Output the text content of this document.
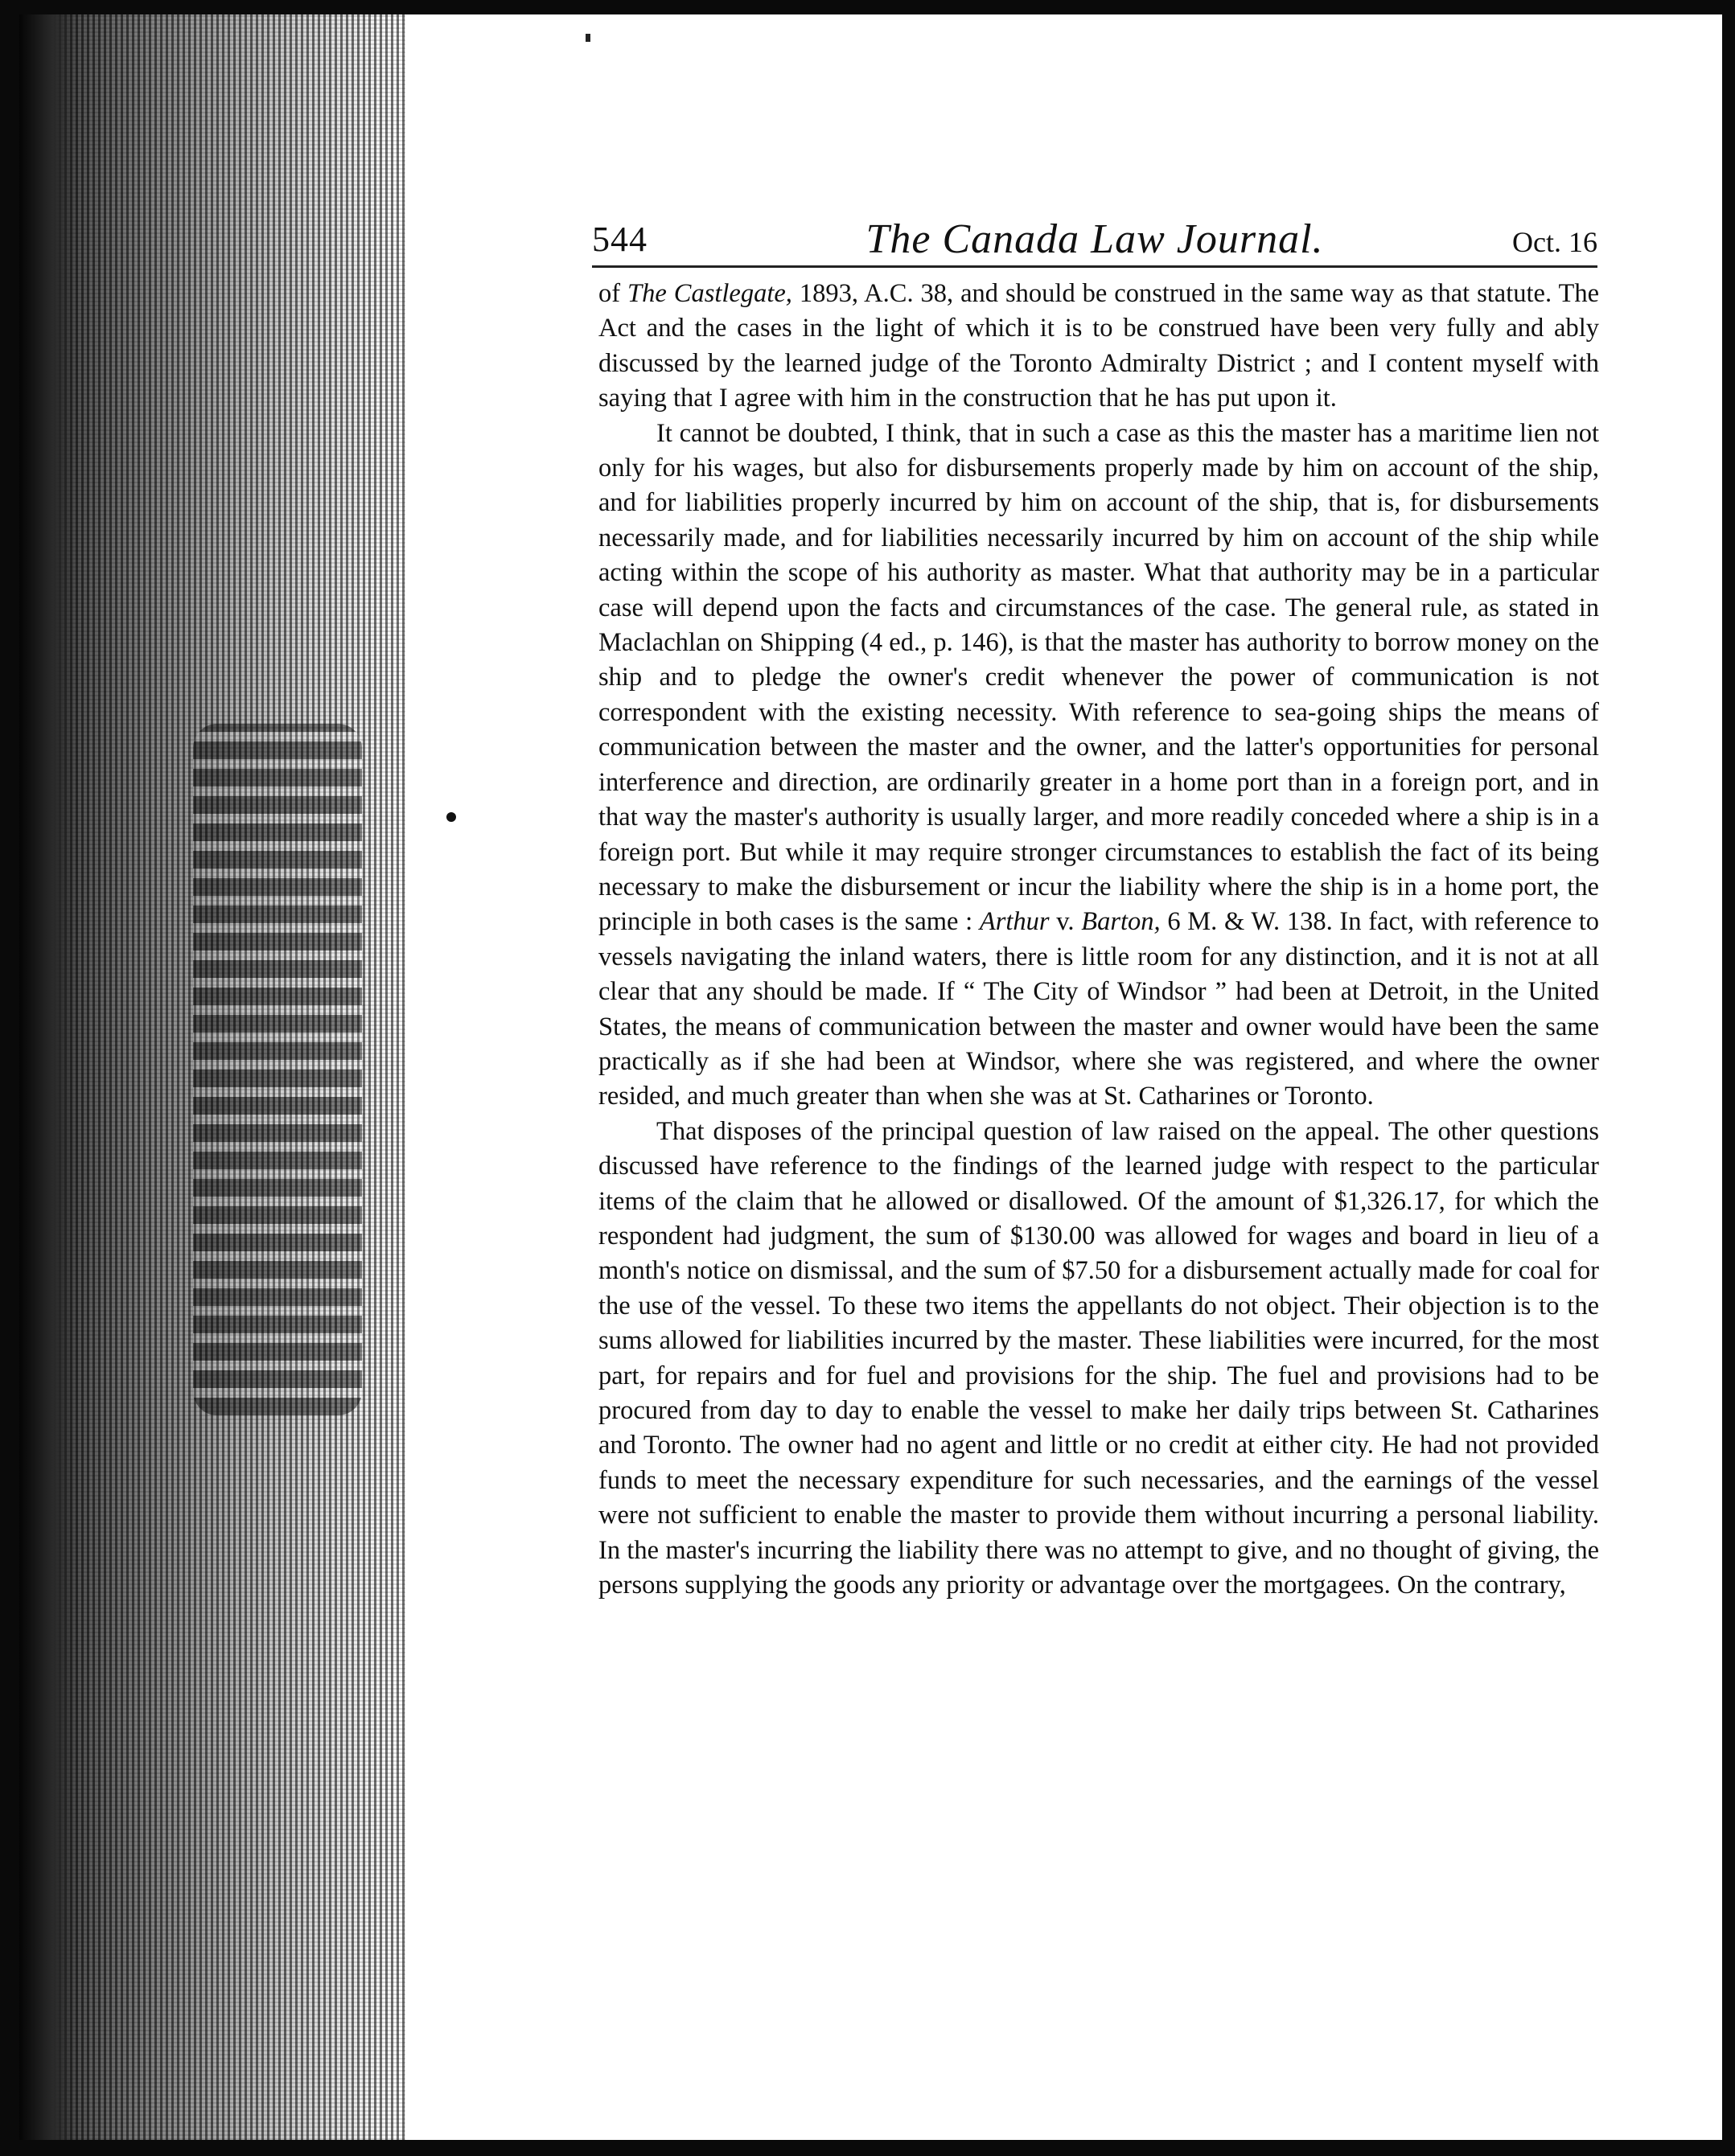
544	The Canada Law Journal.	Oct. 16

of The Castlegate, 1893, A.C. 38, and should be construed in the same way as that statute. The Act and the cases in the light of which it is to be construed have been very fully and ably discussed by the learned judge of the Toronto Admiralty District ; and I content myself with saying that I agree with him in the construction that he has put upon it.

It cannot be doubted, I think, that in such a case as this the master has a maritime lien not only for his wages, but also for disbursements properly made by him on account of the ship, and for liabilities properly incurred by him on account of the ship, that is, for disbursements necessarily made, and for liabilities necessarily incurred by him on account of the ship while acting within the scope of his authority as master. What that authority may be in a particular case will depend upon the facts and circumstances of the case. The general rule, as stated in Maclachlan on Shipping (4 ed., p. 146), is that the master has authority to borrow money on the ship and to pledge the owner's credit whenever the power of communication is not correspondent with the existing necessity. With reference to sea-going ships the means of communication between the master and the owner, and the latter's opportunities for personal interference and direction, are ordinarily greater in a home port than in a foreign port, and in that way the master's authority is usually larger, and more readily conceded where a ship is in a foreign port. But while it may require stronger circumstances to establish the fact of its being necessary to make the disbursement or incur the liability where the ship is in a home port, the principle in both cases is the same : Arthur v. Barton, 6 M. & W. 138. In fact, with reference to vessels navigating the inland waters, there is little room for any distinction, and it is not at all clear that any should be made. If “ The City of Windsor ” had been at Detroit, in the United States, the means of communication between the master and owner would have been the same practically as if she had been at Windsor, where she was registered, and where the owner resided, and much greater than when she was at St. Catharines or Toronto.

That disposes of the principal question of law raised on the appeal. The other questions discussed have reference to the findings of the learned judge with respect to the particular items of the claim that he allowed or disallowed. Of the amount of $1,326.17, for which the respondent had judgment, the sum of $130.00 was allowed for wages and board in lieu of a month's notice on dismissal, and the sum of $7.50 for a disbursement actually made for coal for the use of the vessel. To these two items the appellants do not object. Their objection is to the sums allowed for liabilities incurred by the master. These liabilities were incurred, for the most part, for repairs and for fuel and provisions for the ship. The fuel and provisions had to be procured from day to day to enable the vessel to make her daily trips between St. Catharines and Toronto. The owner had no agent and little or no credit at either city. He had not provided funds to meet the necessary expenditure for such necessaries, and the earnings of the vessel were not sufficient to enable the master to provide them without incurring a personal liability. In the master's incurring the liability there was no attempt to give, and no thought of giving, the persons supplying the goods any priority or advantage over the mortgagees. On the contrary,
